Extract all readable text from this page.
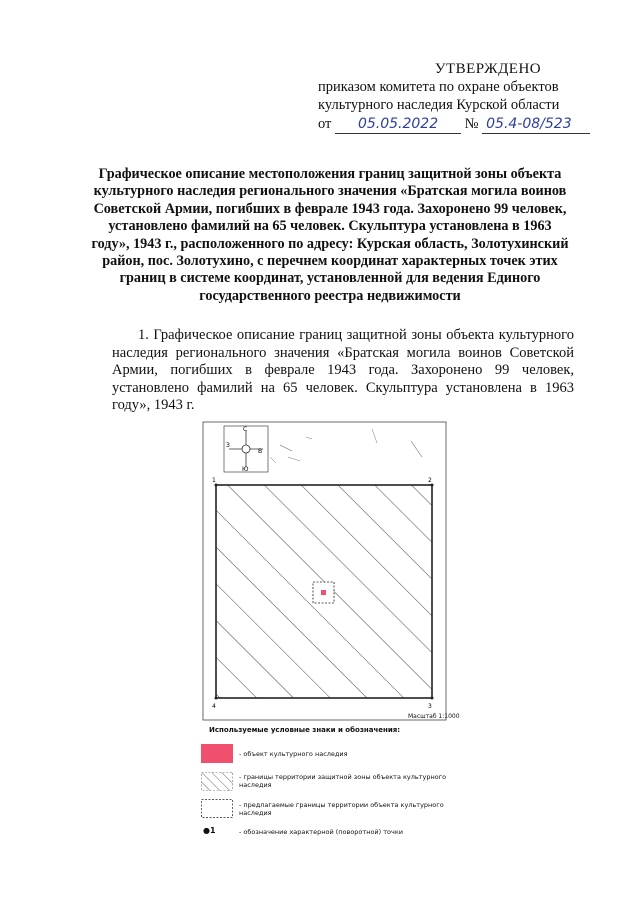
УТВЕРЖДЕНО
приказом комитета по охране объектов
культурного наследия Курской области
от 05.05.2022 № 05.4-08/523
Графическое описание местоположения границ защитной зоны объекта культурного наследия регионального значения «Братская могила воинов Советской Армии, погибших в феврале 1943 года. Захоронено 99 человек, установлено фамилий на 65 человек. Скульптура установлена в 1963 году», 1943 г., расположенного по адресу: Курская область, Золотухинский район, пос. Золотухино, с перечнем координат характерных точек этих границ в системе координат, установленной для ведения Единого государственного реестра недвижимости
1. Графическое описание границ защитной зоны объекта культурного наследия регионального значения «Братская могила воинов Советской Армии, погибших в феврале 1943 года. Захоронено 99 человек, установлено фамилий на 65 человек. Скульптура установлена в 1963 году», 1943 г.
С
Ю
З
В
1	2
3
4
Масштаб 1:1000
Используемые условные знаки и обозначения:
- объект культурного наследия
- границы территории защитной зоны объекта культурного наследия
- предлагаемые границы территории объекта культурного наследия
●1	- обозначение характерной (поворотной) точки
